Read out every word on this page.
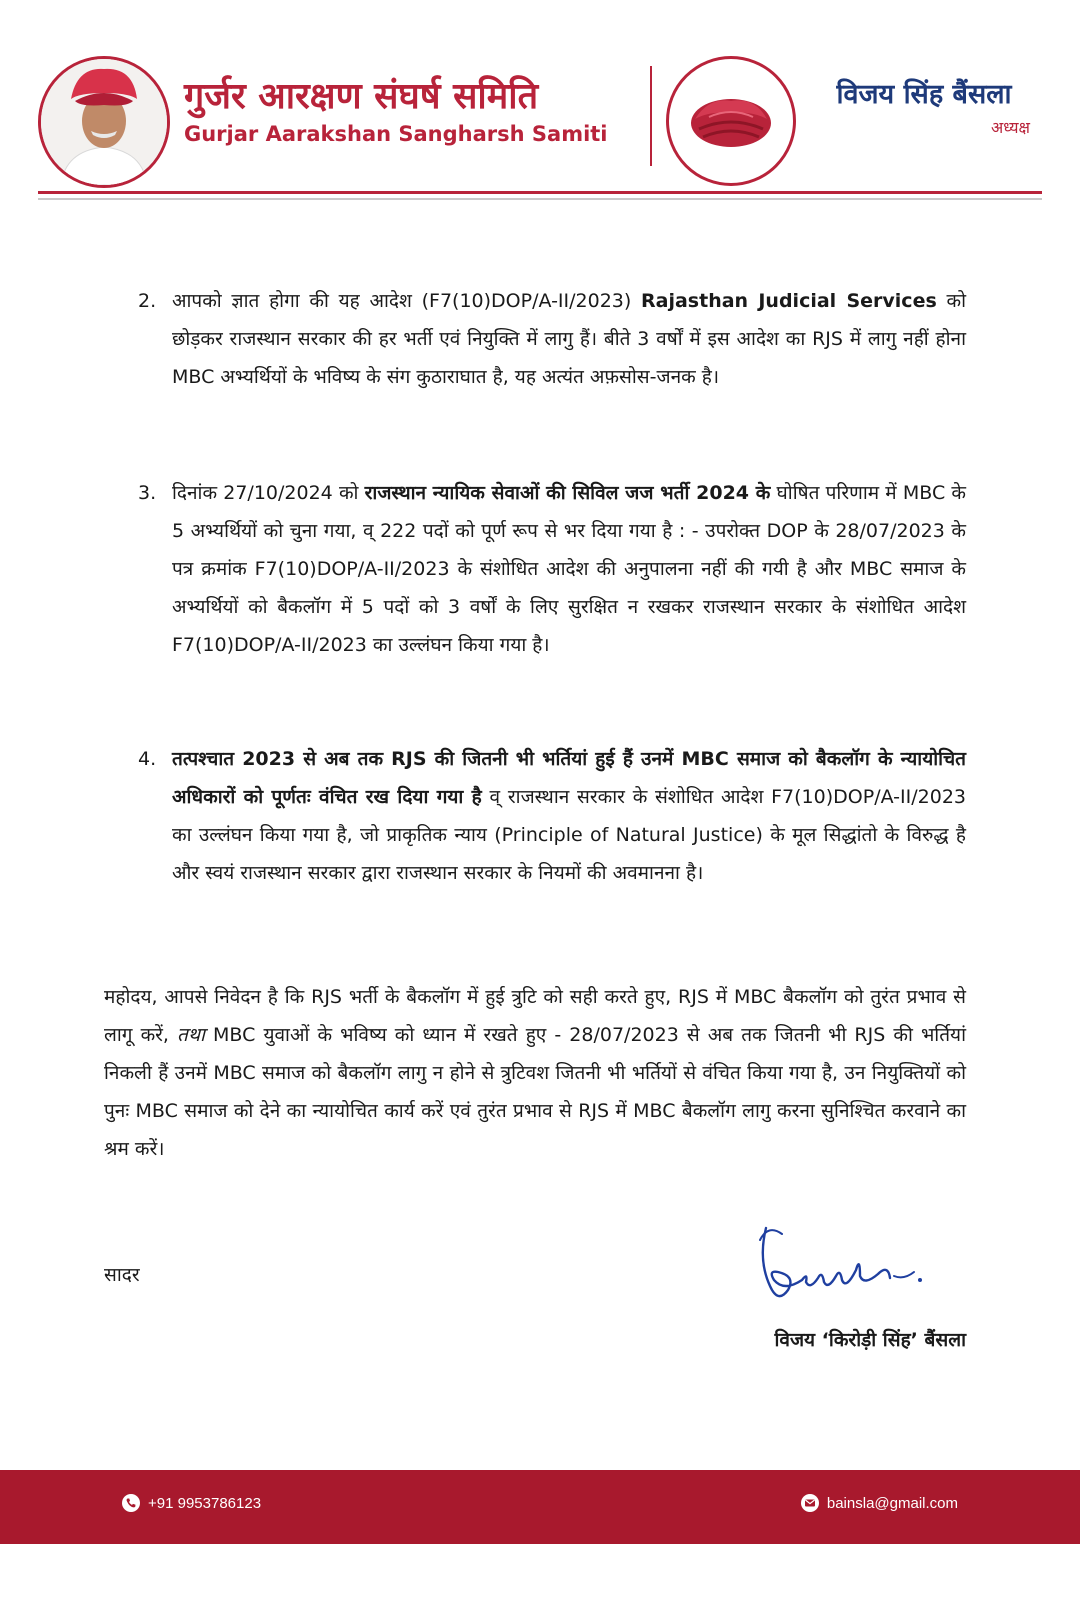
गुर्जर आरक्षण संघर्ष समिति
Gurjar Aarakshan Sangharsh Samiti
विजय सिंह बैंसला
अध्यक्ष
2. आपको ज्ञात होगा की यह आदेश (F7(10)DOP/A-II/2023) Rajasthan Judicial Services को छोड़कर राजस्थान सरकार की हर भर्ती एवं नियुक्ति में लागु हैं। बीते 3 वर्षों में इस आदेश का RJS में लागु नहीं होना MBC अभ्यर्थियों के भविष्य के संग कुठाराघात है, यह अत्यंत अफ़सोस-जनक है।
3. दिनांक 27/10/2024 को राजस्थान न्यायिक सेवाओं की सिविल जज भर्ती 2024 के घोषित परिणाम में MBC के 5 अभ्यर्थियों को चुना गया, व् 222 पदों को पूर्ण रूप से भर दिया गया है : - उपरोक्त DOP के 28/07/2023 के पत्र क्रमांक F7(10)DOP/A-II/2023 के संशोधित आदेश की अनुपालना नहीं की गयी है और MBC समाज के अभ्यर्थियों को बैकलॉग में 5 पदों को 3 वर्षों के लिए सुरक्षित न रखकर राजस्थान सरकार के संशोधित आदेश F7(10)DOP/A-II/2023 का उल्लंघन किया गया है।
4. तत्पश्चात 2023 से अब तक RJS की जितनी भी भर्तियां हुई हैं उनमें MBC समाज को बैकलॉग के न्यायोचित अधिकारों को पूर्णतः वंचित रख दिया गया है व् राजस्थान सरकार के संशोधित आदेश F7(10)DOP/A-II/2023 का उल्लंघन किया गया है, जो प्राकृतिक न्याय (Principle of Natural Justice) के मूल सिद्धांतो के विरुद्ध है और स्वयं राजस्थान सरकार द्वारा राजस्थान सरकार के नियमों की अवमानना है।
महोदय, आपसे निवेदन है कि RJS भर्ती के बैकलॉग में हुई त्रुटि को सही करते हुए, RJS में MBC बैकलॉग को तुरंत प्रभाव से लागू करें, तथा MBC युवाओं के भविष्य को ध्यान में रखते हुए - 28/07/2023 से अब तक जितनी भी RJS की भर्तियां निकली हैं उनमें MBC समाज को बैकलॉग लागु न होने से त्रुटिवश जितनी भी भर्तियों से वंचित किया गया है, उन नियुक्तियों को पुनः MBC समाज को देने का न्यायोचित कार्य करें एवं तुरंत प्रभाव से RJS में MBC बैकलॉग लागु करना सुनिश्चित करवाने का श्रम करें।
सादर
विजय ‘किरोड़ी सिंह’ बैंसला
+91 9953786123	bainsla@gmail.com
